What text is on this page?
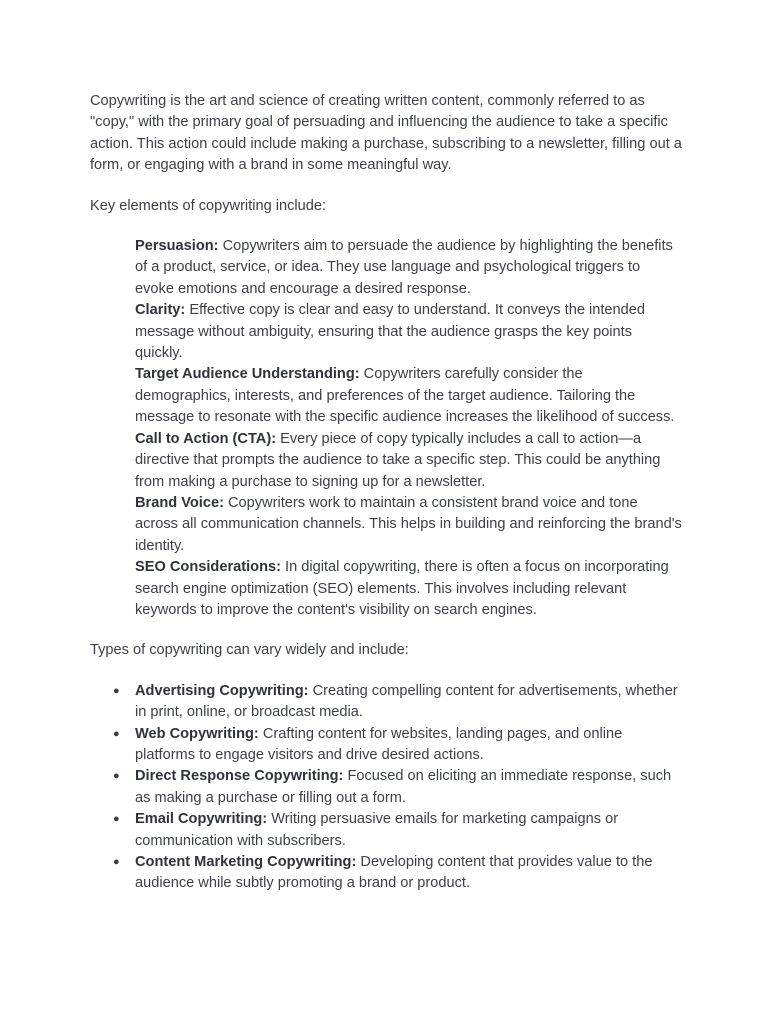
Copywriting is the art and science of creating written content, commonly referred to as "copy," with the primary goal of persuading and influencing the audience to take a specific action. This action could include making a purchase, subscribing to a newsletter, filling out a form, or engaging with a brand in some meaningful way.

Key elements of copywriting include:

Persuasion: Copywriters aim to persuade the audience by highlighting the benefits of a product, service, or idea. They use language and psychological triggers to evoke emotions and encourage a desired response.
Clarity: Effective copy is clear and easy to understand. It conveys the intended message without ambiguity, ensuring that the audience grasps the key points quickly.
Target Audience Understanding: Copywriters carefully consider the demographics, interests, and preferences of the target audience. Tailoring the message to resonate with the specific audience increases the likelihood of success.
Call to Action (CTA): Every piece of copy typically includes a call to action—a directive that prompts the audience to take a specific step. This could be anything from making a purchase to signing up for a newsletter.
Brand Voice: Copywriters work to maintain a consistent brand voice and tone across all communication channels. This helps in building and reinforcing the brand's identity.
SEO Considerations: In digital copywriting, there is often a focus on incorporating search engine optimization (SEO) elements. This involves including relevant keywords to improve the content's visibility on search engines.

Types of copywriting can vary widely and include:

● Advertising Copywriting: Creating compelling content for advertisements, whether in print, online, or broadcast media.
● Web Copywriting: Crafting content for websites, landing pages, and online platforms to engage visitors and drive desired actions.
● Direct Response Copywriting: Focused on eliciting an immediate response, such as making a purchase or filling out a form.
● Email Copywriting: Writing persuasive emails for marketing campaigns or communication with subscribers.
● Content Marketing Copywriting: Developing content that provides value to the audience while subtly promoting a brand or product.
